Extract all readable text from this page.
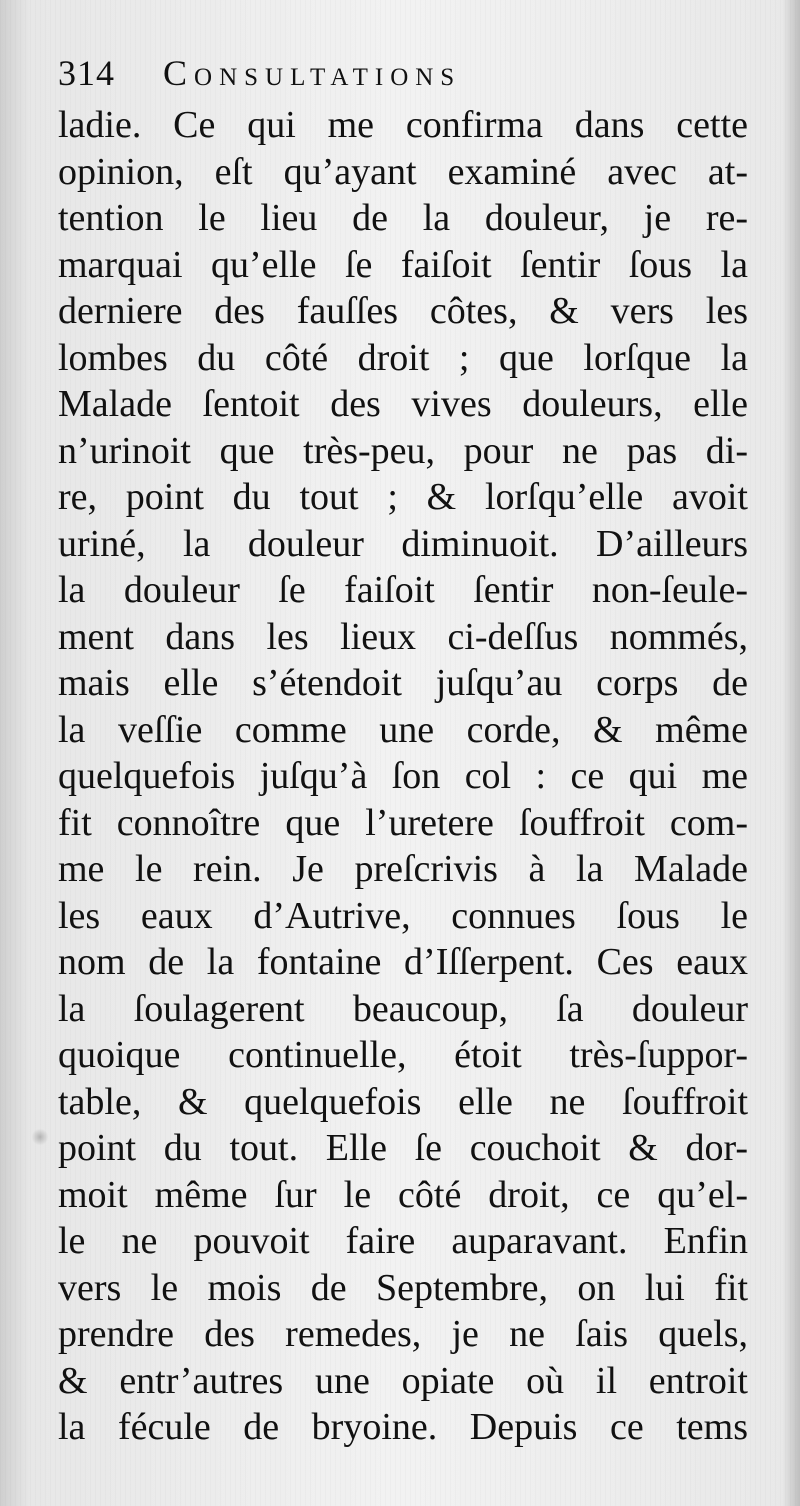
314 Consultations
ladie. Ce qui me confirma dans cette
opinion, eſt qu’ayant examiné avec at-
tention le lieu de la douleur, je re-
marquai qu’elle ſe faiſoit ſentir ſous la
derniere des fauſſes côtes, & vers les
lombes du côté droit ; que lorſque la
Malade ſentoit des vives douleurs, elle
n’urinoit que très-peu, pour ne pas di-
re, point du tout ; & lorſqu’elle avoit
uriné, la douleur diminuoit. D’ailleurs
la douleur ſe faiſoit ſentir non-ſeule-
ment dans les lieux ci-deſſus nommés,
mais elle s’étendoit juſqu’au corps de
la veſſie comme une corde, & même
quelquefois juſqu’à ſon col : ce qui me
fit connoître que l’uretere ſouffroit com-
me le rein. Je preſcrivis à la Malade
les eaux d’Autrive, connues ſous le
nom de la fontaine d’Iſſerpent. Ces eaux
la ſoulagerent beaucoup, ſa douleur
quoique continuelle, étoit très-ſuppor-
table, & quelquefois elle ne ſouffroit
point du tout. Elle ſe couchoit & dor-
moit même ſur le côté droit, ce qu’el-
le ne pouvoit faire auparavant. Enfin
vers le mois de Septembre, on lui fit
prendre des remedes, je ne ſais quels,
& entr’autres une opiate où il entroit
la fécule de bryoine. Depuis ce tems
